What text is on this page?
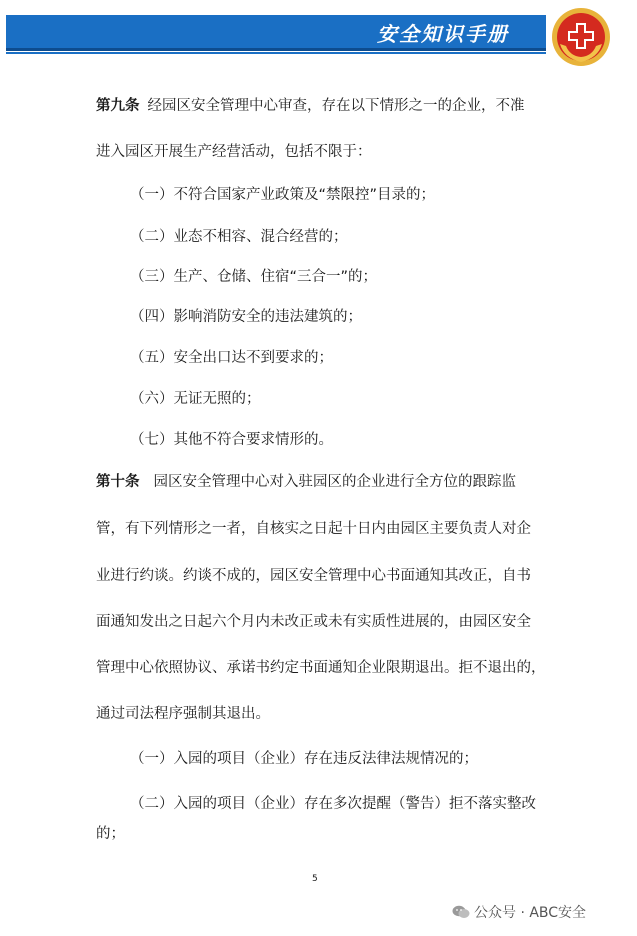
安全知识手册

第九条 经园区安全管理中心审查，存在以下情形之一的企业，不准

进入园区开展生产经营活动，包括不限于：

（一）不符合国家产业政策及“禁限控”目录的；

（二）业态不相容、混合经营的；

（三）生产、仓储、住宿“三合一”的；

（四）影响消防安全的违法建筑的；

（五）安全出口达不到要求的；

（六）无证无照的；

（七）其他不符合要求情形的。

第十条 园区安全管理中心对入驻园区的企业进行全方位的跟踪监

管，有下列情形之一者，自核实之日起十日内由园区主要负责人对企

业进行约谈。约谈不成的，园区安全管理中心书面通知其改正，自书

面通知发出之日起六个月内未改正或未有实质性进展的，由园区安全

管理中心依照协议、承诺书约定书面通知企业限期退出。拒不退出的，

通过司法程序强制其退出。

（一）入园的项目（企业）存在违反法律法规情况的；

（二）入园的项目（企业）存在多次提醒（警告）拒不落实整改

的；

5
公众号 · ABC安全
